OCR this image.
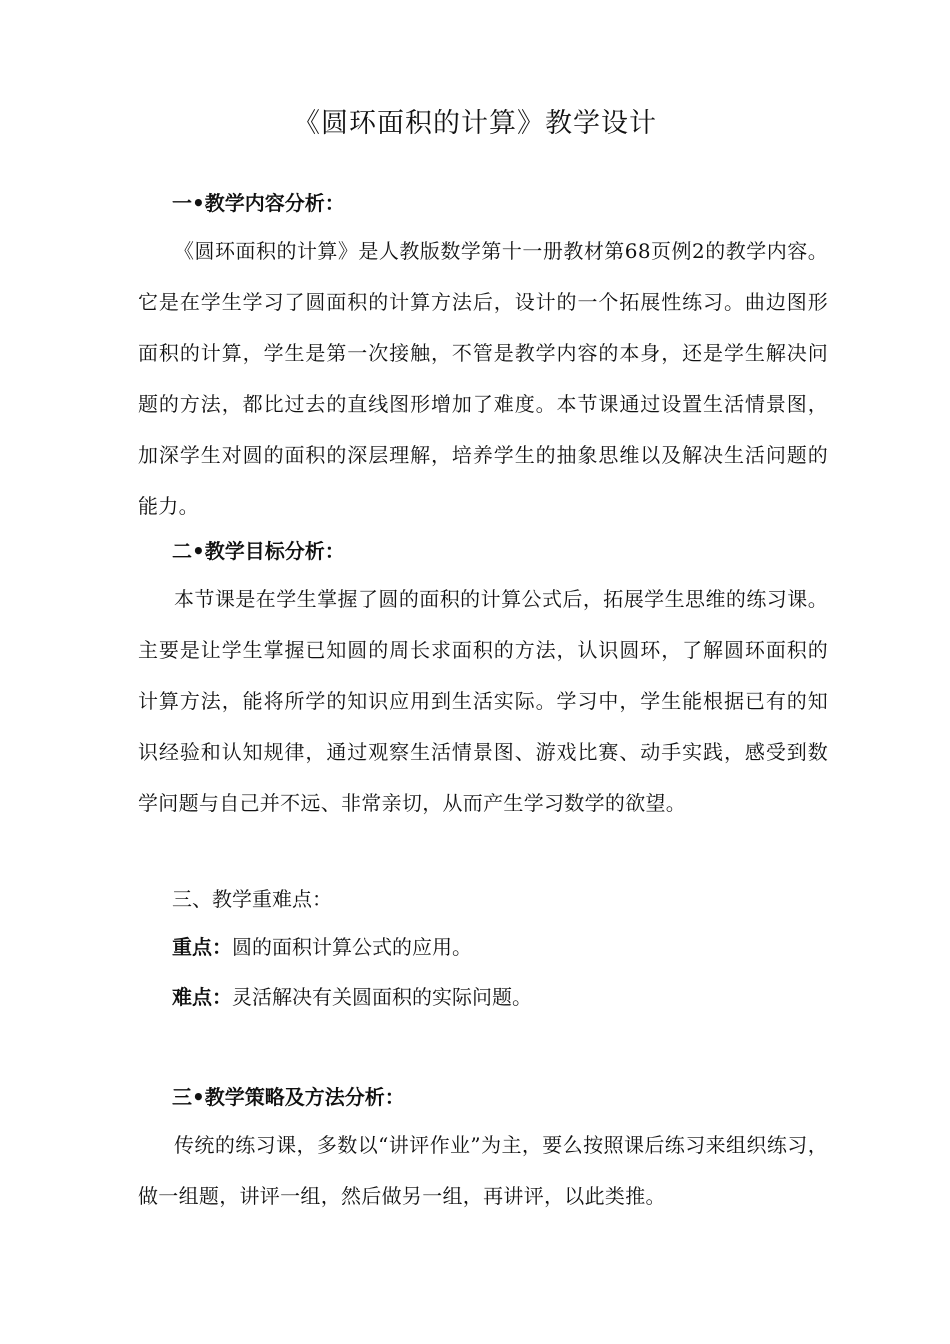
《圆环面积的计算》教学设计
一•教学内容分析：

《圆环面积的计算》是人教版数学第十一册教材第68页例2的教学内容。它是在学生学习了圆面积的计算方法后，设计的一个拓展性练习。曲边图形面积的计算，学生是第一次接触，不管是教学内容的本身，还是学生解决问题的方法，都比过去的直线图形增加了难度。本节课通过设置生活情景图，加深学生对圆的面积的深层理解，培养学生的抽象思维以及解决生活问题的能力。

二•教学目标分析：

本节课是在学生掌握了圆的面积的计算公式后，拓展学生思维的练习课。主要是让学生掌握已知圆的周长求面积的方法，认识圆环，了解圆环面积的计算方法，能将所学的知识应用到生活实际。学习中，学生能根据已有的知识经验和认知规律，通过观察生活情景图、游戏比赛、动手实践，感受到数学问题与自己并不远、非常亲切，从而产生学习数学的欲望。

三、教学重难点：

重点：圆的面积计算公式的应用。

难点：灵活解决有关圆面积的实际问题。

三•教学策略及方法分析：

传统的练习课，多数以“讲评作业”为主，要么按照课后练习来组织练习，做一组题，讲评一组，然后做另一组，再讲评，以此类推。
